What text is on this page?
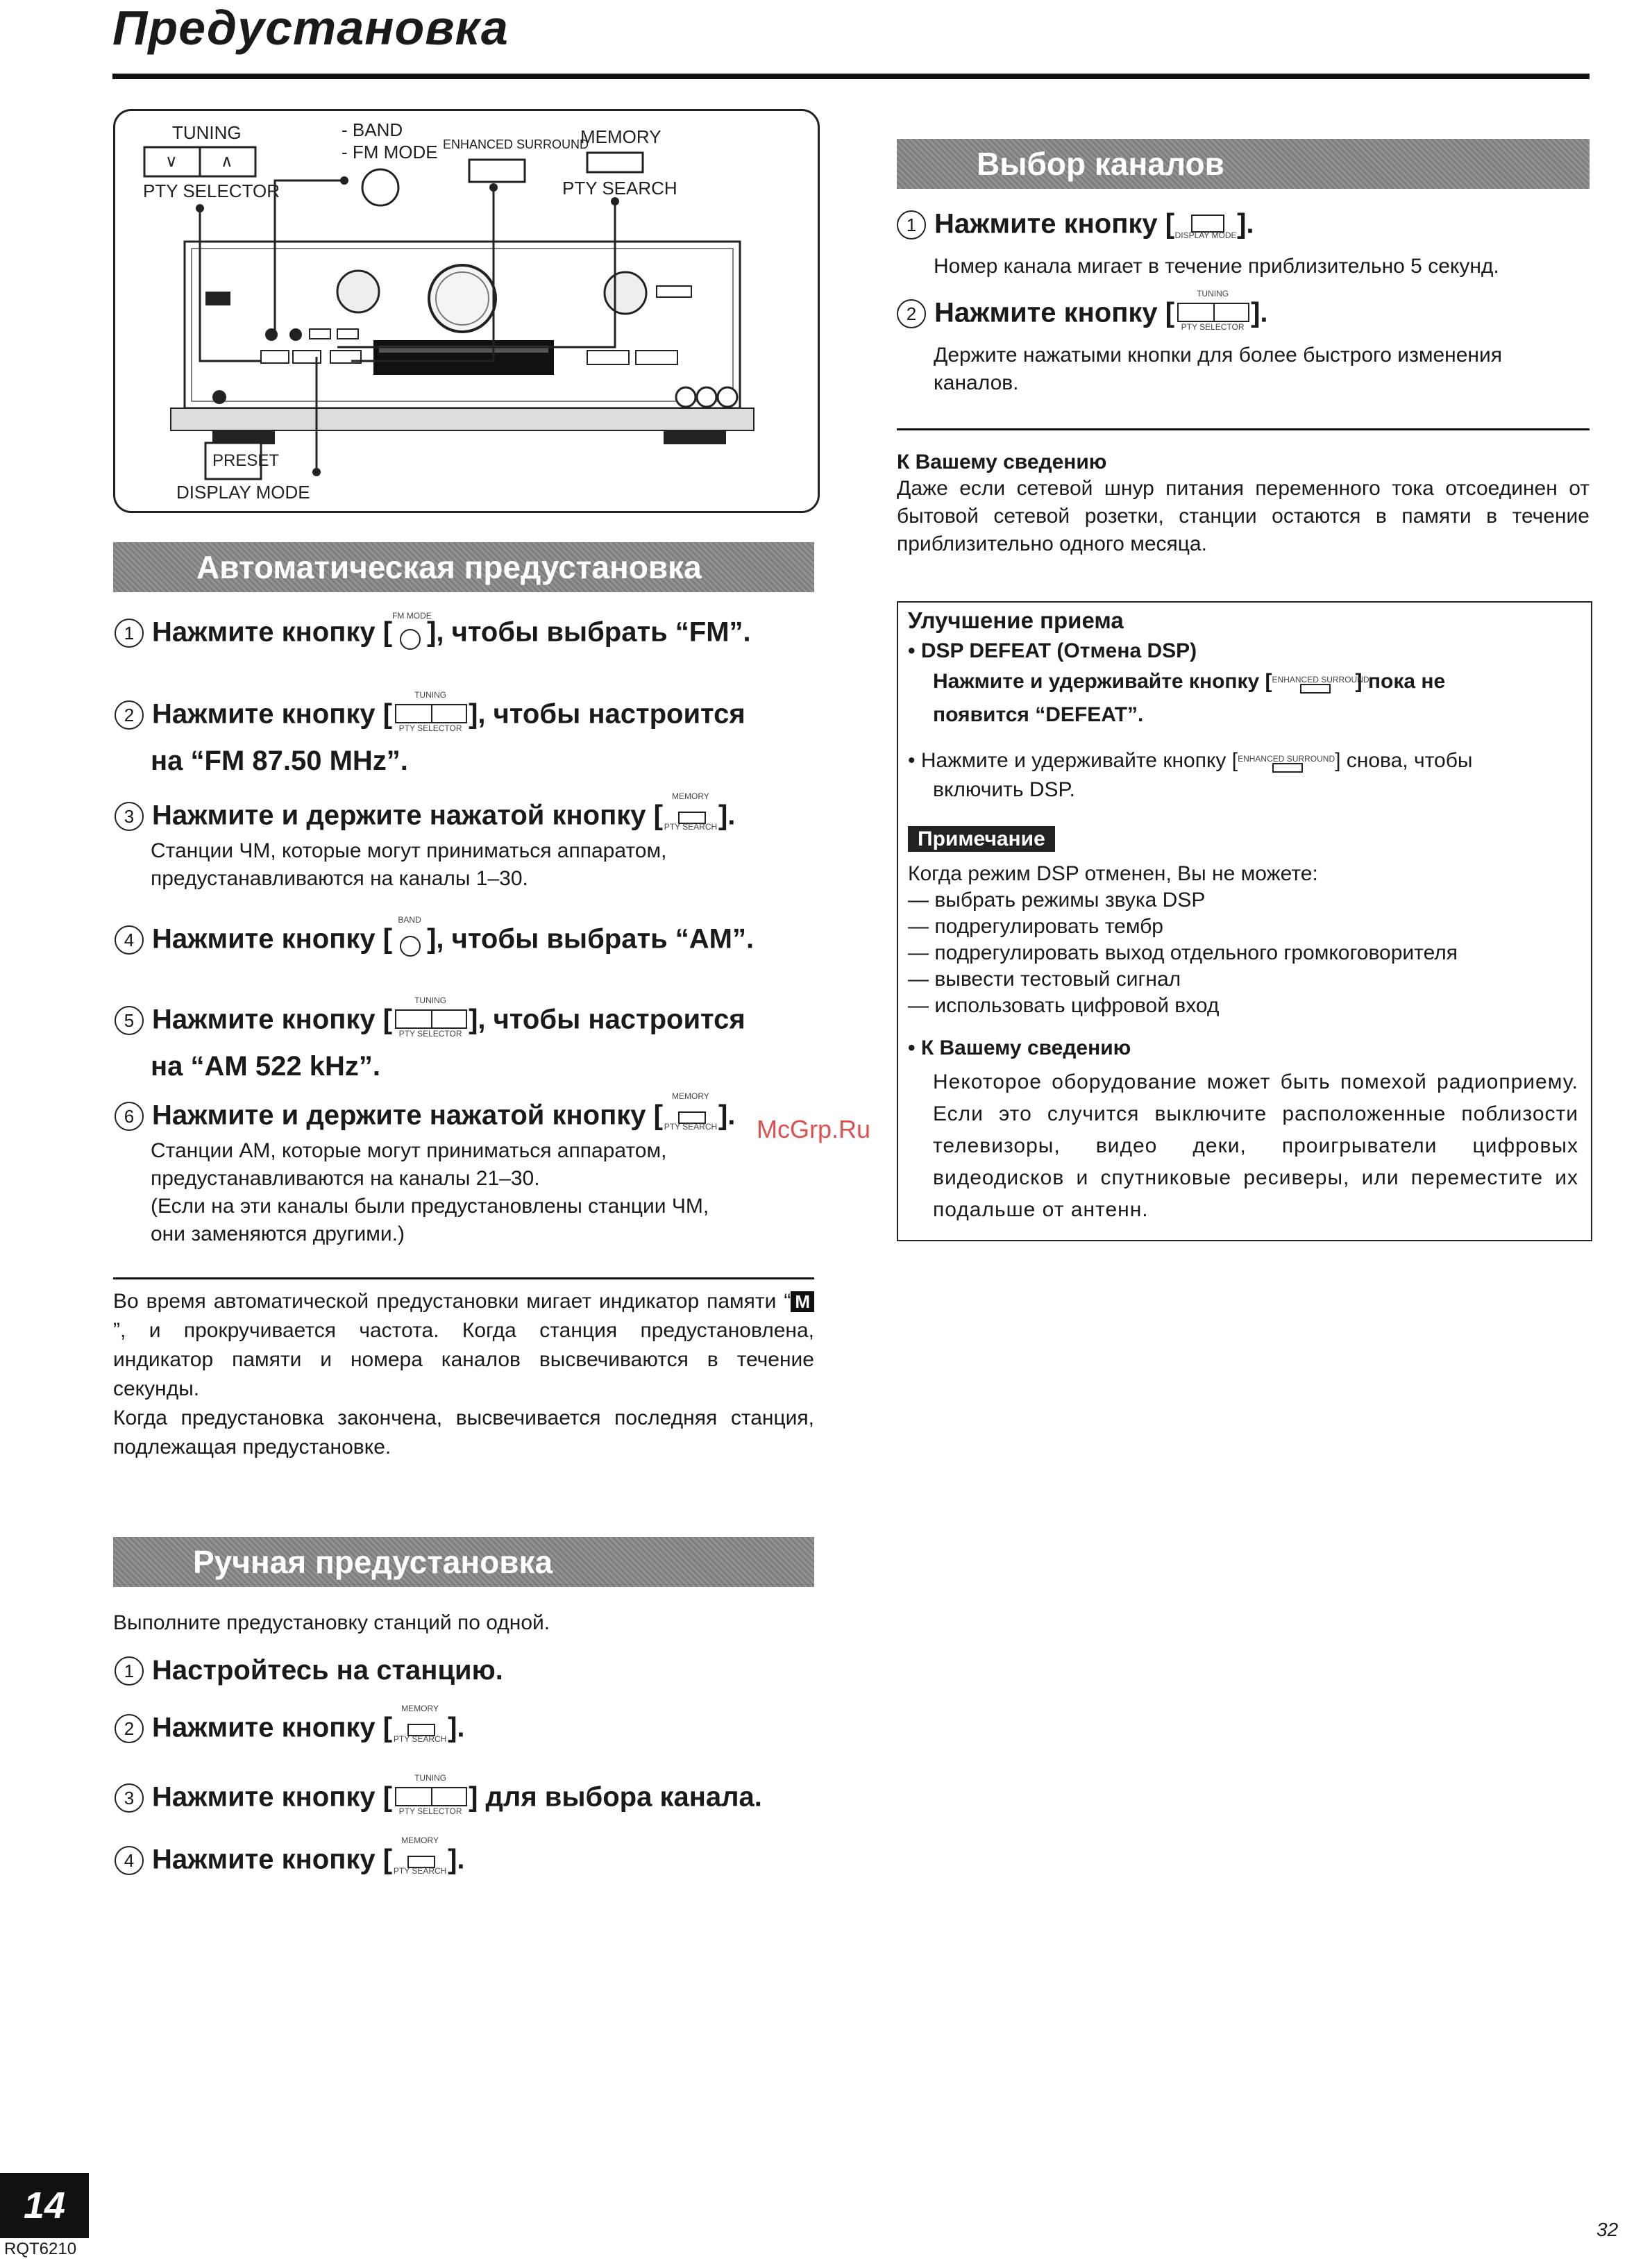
Предустановка
TUNING
∨	∧
PTY SELECTOR
- BAND
- FM MODE ENHANCED SURROUND
MEMORY
PTY SEARCH
PRESET
DISPLAY MODE
Автоматическая предустановка
1 Нажмите кнопку [
FM MODE
], чтобы выбрать “FM”.
2 Нажмите кнопку [
TUNING
PTY SELECTOR ], чтобы настроится
на “FM 87.50 MHz”.
3 Нажмите и держите нажатой кнопку [
MEMORY
PTY SEARCH ].
Станции ЧМ, которые могут приниматься аппаратом,
предустанавливаются на каналы 1–30.
4 Нажмите кнопку [
BAND
], чтобы выбрать “AM”.
5 Нажмите кнопку [
TUNING
PTY SELECTOR ], чтобы настроится
на “AM 522 kHz”.
6 Нажмите и держите нажатой кнопку [
MEMORY
PTY SEARCH ].
Станции АМ, которые могут приниматься аппаратом,
предустанавливаются на каналы 21–30.
(Если на эти каналы были предустановлены станции ЧМ,
они заменяются другими.)
Во время автоматической предустановки мигает индикатор памяти “ M”, и прокручивается частота. Когда станция предустановлена, индикатор памяти и номера каналов высвечиваются в течение секунды.
Когда предустановка закончена, высвечивается последняя станция, подлежащая предустановке.
Ручная предустановка
Выполните предустановку станций по одной.
1 Настройтесь на станцию.
2 Нажмите кнопку [
MEMORY
PTY SEARCH ].
3 Нажмите кнопку [
TUNING
PTY SELECTOR ] для выбора канала.
4 Нажмите кнопку [
MEMORY
PTY SEARCH ].
Выбор каналов
1 Нажмите кнопку [ DISPLAY MODE ].
Номер канала мигает в течение приблизительно 5 секунд.
2 Нажмите кнопку [
TUNING
PTY SELECTOR ].
Держите нажатыми кнопки для более быстрого изменения
каналов.
К Вашему сведению
Даже если сетевой шнур питания переменного тока отсоединен от бытовой сетевой розетки, станции остаются в памяти в течение приблизительно одного месяца.
Улучшение приема
• DSP DEFEAT (Отмена DSP)
Нажмите и удерживайте кнопку [ ENHANCED SURROUND
] пока не
появится “DEFEAT”.
• Нажмите и удерживайте кнопку [ ENHANCED SURROUND ] снова, чтобы
включить DSP.
Примечание
Когда режим DSP отменен, Вы не можете:
— выбрать режимы звука DSP
— подрегулировать тембр
— подрегулировать выход отдельного громкоговорителя
— вывести тестовый сигнал
— использовать цифровой вход
• К Вашему сведению
Некоторое оборудование может быть помехой радиоприему. Если это случится выключите расположенные поблизости телевизоры, видео деки, проигрыватели цифровых видеодисков и спутниковые ресиверы, или переместите их подальше от антенн.
McGrp.Ru
14
RQT6210
32
